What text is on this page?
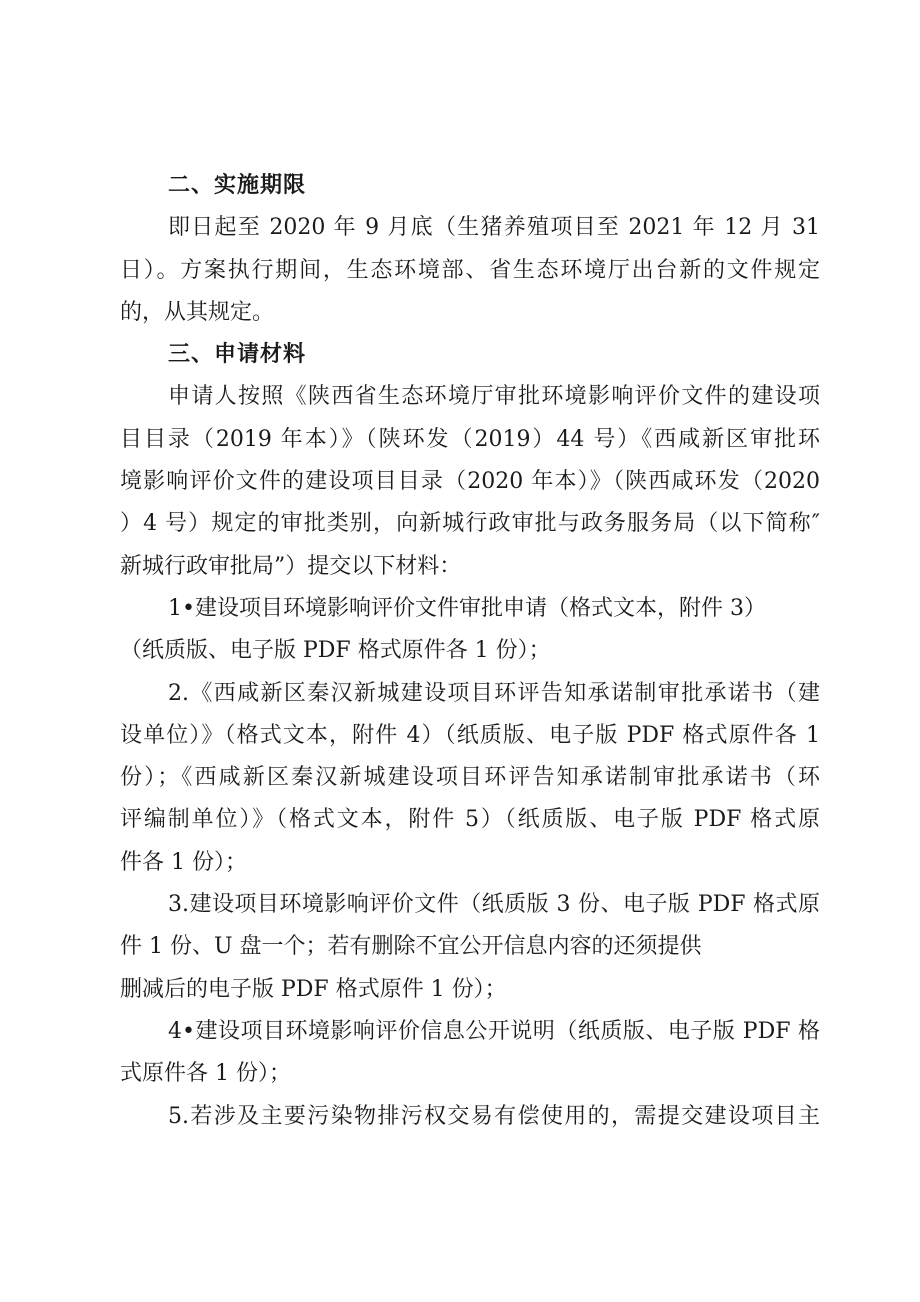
二、实施期限
即日起至 2020 年 9 月底（生猪养殖项目至 2021 年 12 月 31
日）。方案执行期间，生态环境部、省生态环境厅出台新的文件规定
的，从其规定。
三、申请材料
申请人按照《陕西省生态环境厅审批环境影响评价文件的建设项
目目录（2019 年本）》（陕环发（2019）44 号）《西咸新区审批环
境影响评价文件的建设项目目录（2020 年本）》（陕西咸环发（2020
）4 号）规定的审批类别，向新城行政审批与政务服务局（以下简称″
新城行政审批局”）提交以下材料：
1•建设项目环境影响评价文件审批申请（格式文本，附件 3）
（纸质版、电子版 PDF 格式原件各 1 份）；
2.《西咸新区秦汉新城建设项目环评告知承诺制审批承诺书（建
设单位）》（格式文本，附件 4）（纸质版、电子版 PDF 格式原件各 1
份）；《西咸新区秦汉新城建设项目环评告知承诺制审批承诺书（环
评编制单位）》（格式文本，附件 5）（纸质版、电子版 PDF 格式原
件各 1 份）；
3.建设项目环境影响评价文件（纸质版 3 份、电子版 PDF 格式原
件 1 份、U 盘一个；若有删除不宜公开信息内容的还须提供
删减后的电子版 PDF 格式原件 1 份）；
4•建设项目环境影响评价信息公开说明（纸质版、电子版 PDF 格
式原件各 1 份）；
5.若涉及主要污染物排污权交易有偿使用的，需提交建设项目主
